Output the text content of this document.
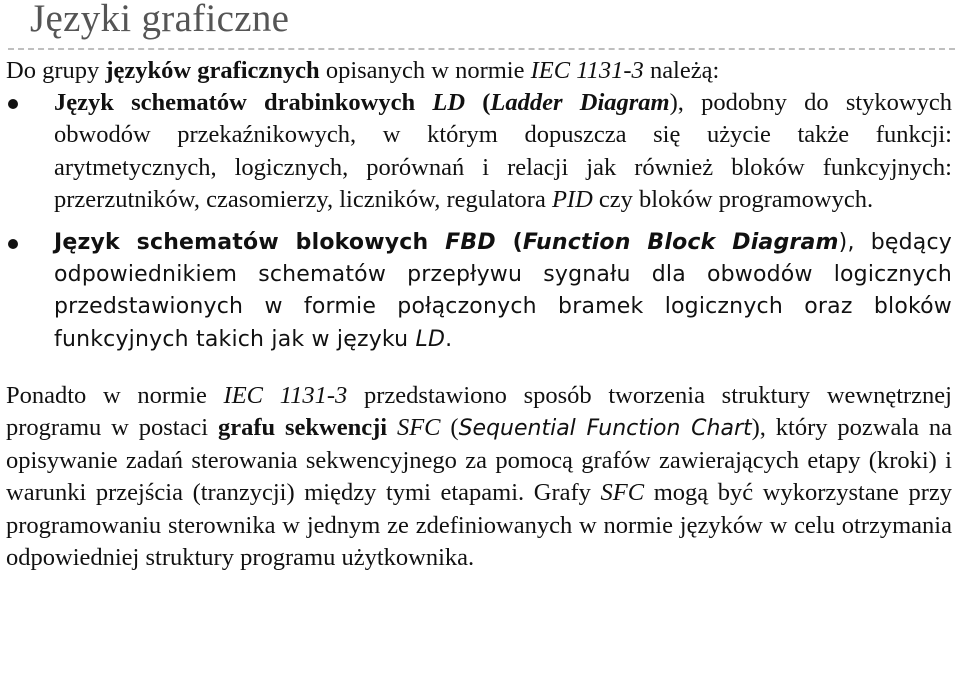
Języki graficzne

Do grupy języków graficznych opisanych w normie IEC 1131-3 należą:

Język schematów drabinkowych LD (Ladder Diagram), podobny do stykowych obwodów przekaźnikowych, w którym dopuszcza się użycie także funkcji: arytmetycznych, logicznych, porównań i relacji jak również bloków funkcyjnych: przerzutników, czasomierzy, liczników, regulatora PID czy bloków programowych.
Język schematów blokowych FBD (Function Block Diagram), będący odpowiednikiem schematów przepływu sygnału dla obwodów logicznych przedstawionych w formie połączonych bramek logicznych oraz bloków funkcyjnych takich jak w języku LD.

Ponadto w normie IEC 1131-3 przedstawiono sposób tworzenia struktury wewnętrznej programu w postaci grafu sekwencji SFC (Sequential Function Chart), który pozwala na opisywanie zadań sterowania sekwencyjnego za pomocą grafów zawierających etapy (kroki) i warunki przejścia (tranzycji) między tymi etapami. Grafy SFC mogą być wykorzystane przy programowaniu sterownika w jednym ze zdefiniowanych w normie języków w celu otrzymania odpowiedniej struktury programu użytkownika.
